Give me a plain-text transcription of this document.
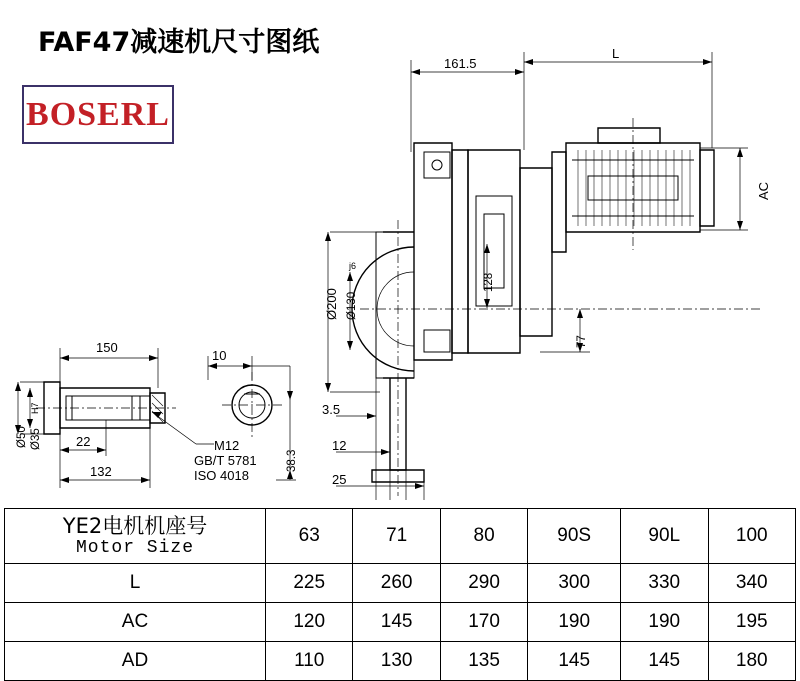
FAF47减速机尺寸图纸
BOSERL
161.5
L
AC
Ø200 Ø130
j6
128
77
3.5
12
25
150
10
22
132
Ø50 Ø35
H7
38.3
M12
GB/T 5781
ISO 4018
YE2电机机座号
Motor Size	63	71	80	90S	90L	100
L	225	260	290	300	330	340
AC	120	145	170	190	190	195
AD	110	130	135	145	145	180
